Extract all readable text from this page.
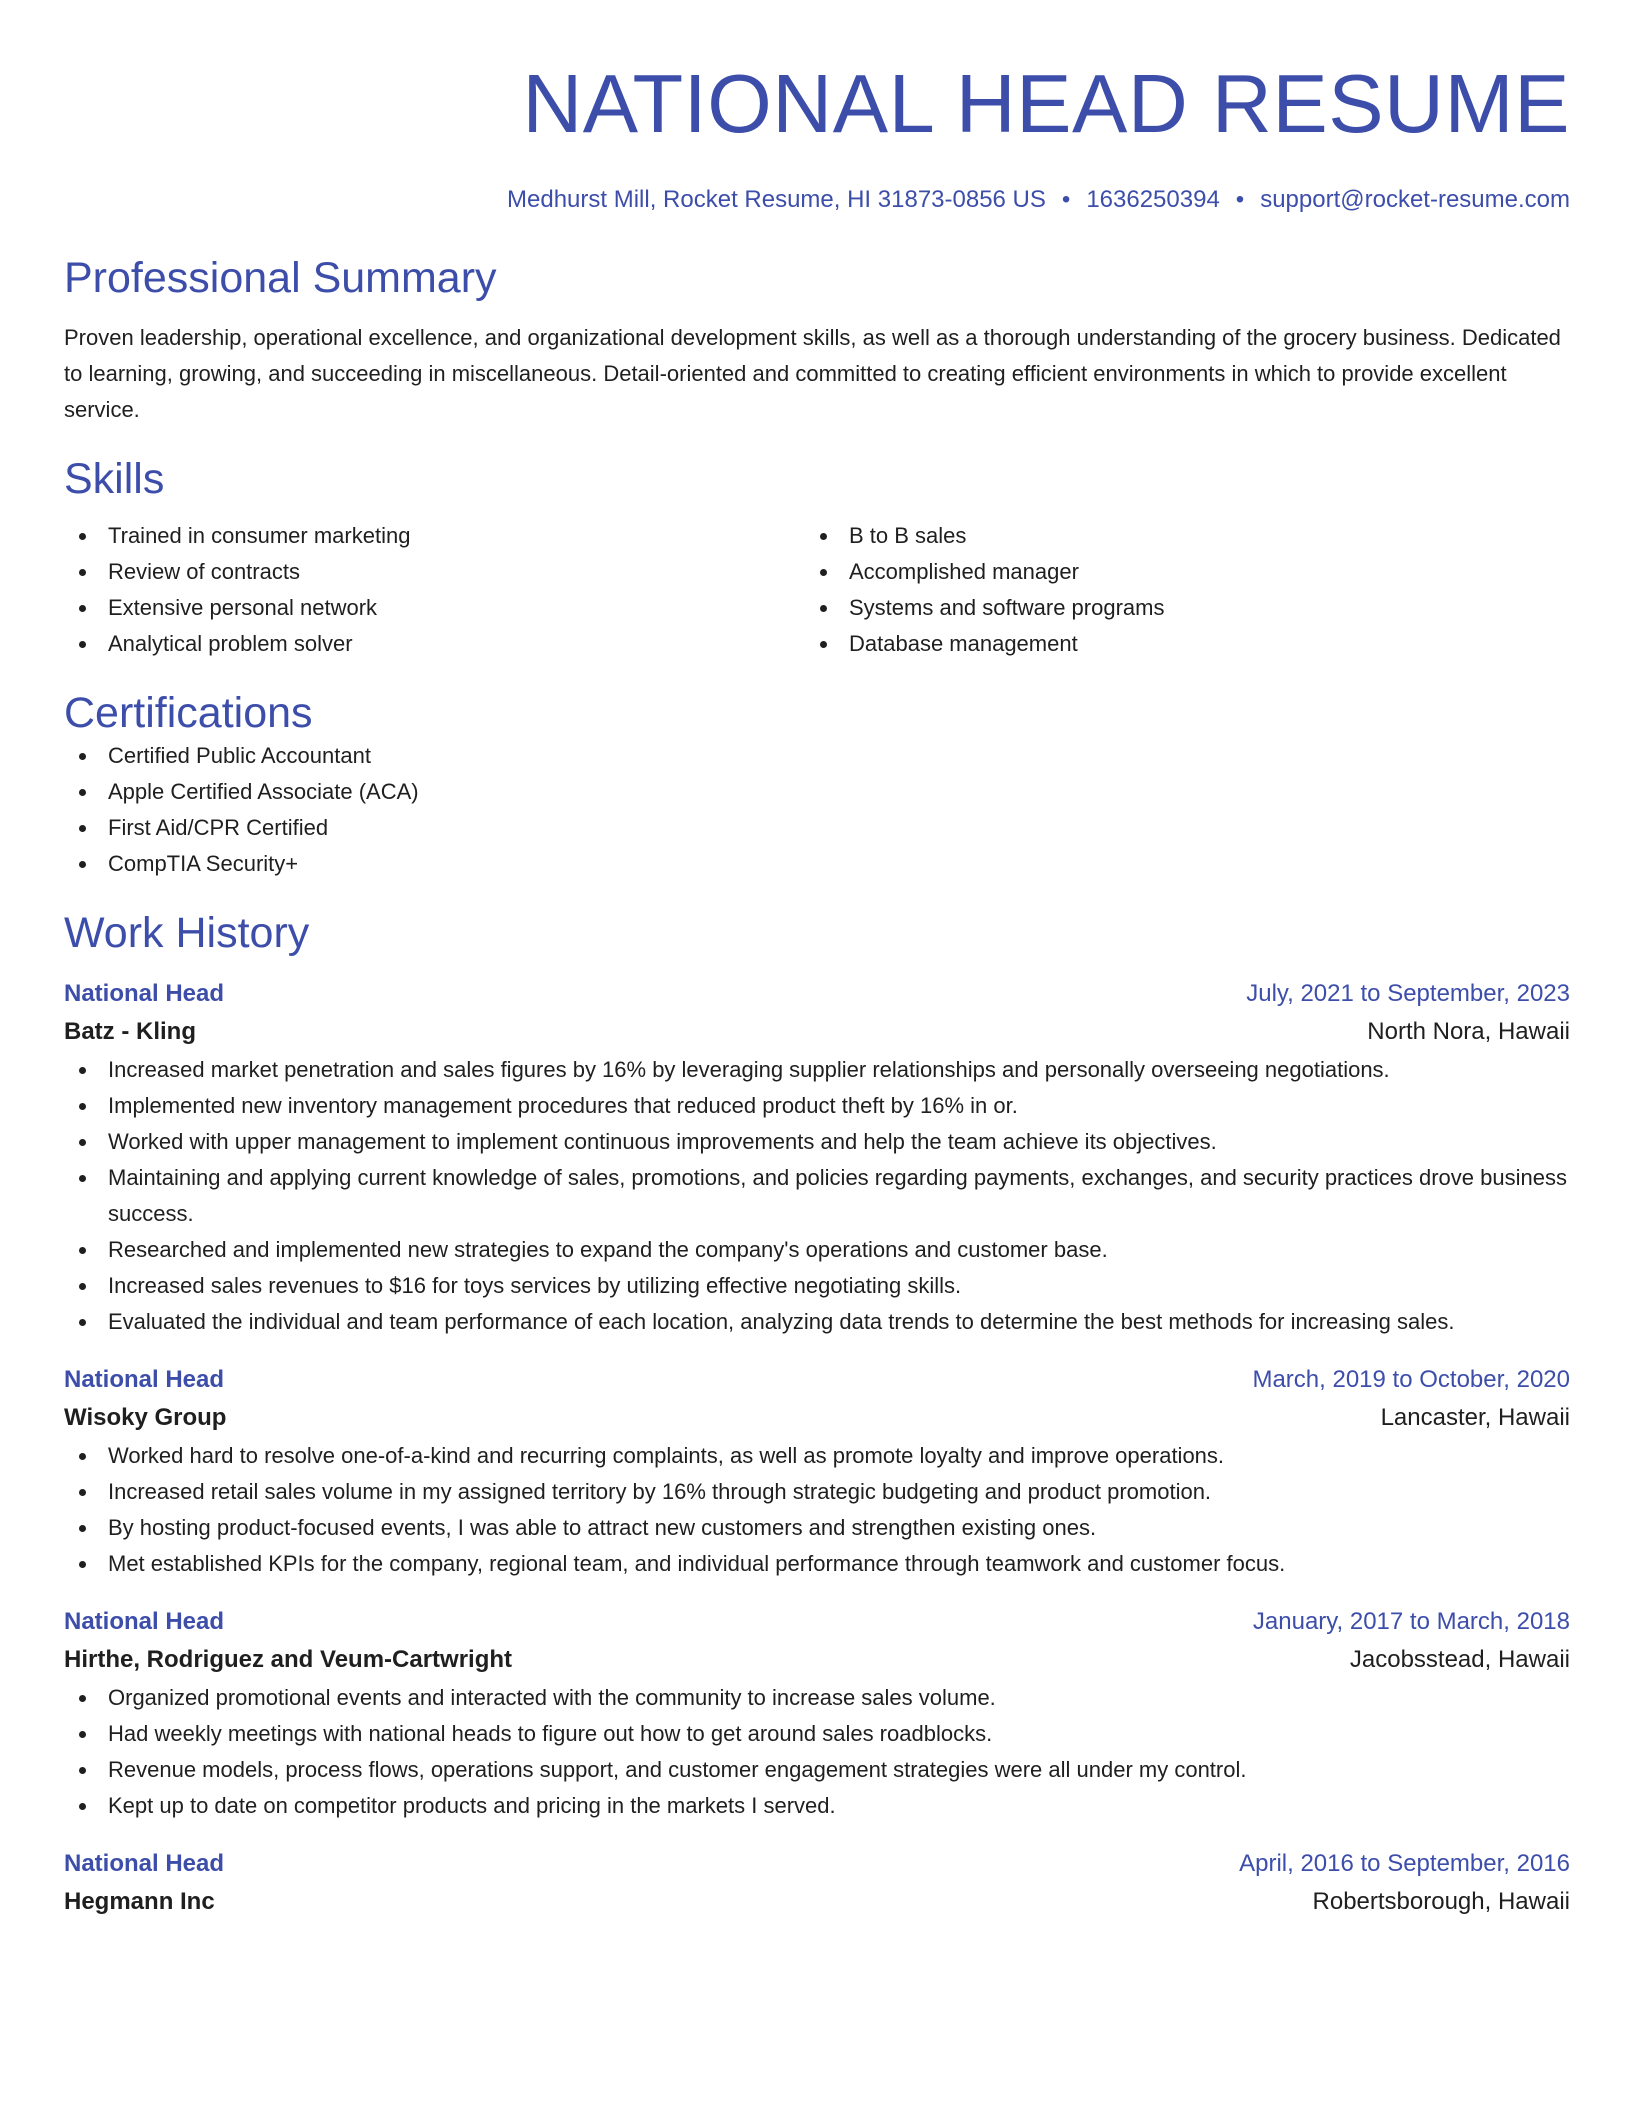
NATIONAL HEAD RESUME
Medhurst Mill, Rocket Resume, HI 31873-0856 US • 1636250394 • support@rocket-resume.com
Professional Summary
Proven leadership, operational excellence, and organizational development skills, as well as a thorough understanding of the grocery business. Dedicated to learning, growing, and succeeding in miscellaneous. Detail-oriented and committed to creating efficient environments in which to provide excellent service.
Skills
Trained in consumer marketing
Review of contracts
Extensive personal network
Analytical problem solver
B to B sales
Accomplished manager
Systems and software programs
Database management
Certifications
Certified Public Accountant
Apple Certified Associate (ACA)
First Aid/CPR Certified
CompTIA Security+
Work History
National Head	July, 2021 to September, 2023
Batz - Kling	North Nora, Hawaii
Increased market penetration and sales figures by 16% by leveraging supplier relationships and personally overseeing negotiations.
Implemented new inventory management procedures that reduced product theft by 16% in or.
Worked with upper management to implement continuous improvements and help the team achieve its objectives.
Maintaining and applying current knowledge of sales, promotions, and policies regarding payments, exchanges, and security practices drove business success.
Researched and implemented new strategies to expand the company's operations and customer base.
Increased sales revenues to $16 for toys services by utilizing effective negotiating skills.
Evaluated the individual and team performance of each location, analyzing data trends to determine the best methods for increasing sales.
National Head	March, 2019 to October, 2020
Wisoky Group	Lancaster, Hawaii
Worked hard to resolve one-of-a-kind and recurring complaints, as well as promote loyalty and improve operations.
Increased retail sales volume in my assigned territory by 16% through strategic budgeting and product promotion.
By hosting product-focused events, I was able to attract new customers and strengthen existing ones.
Met established KPIs for the company, regional team, and individual performance through teamwork and customer focus.
National Head	January, 2017 to March, 2018
Hirthe, Rodriguez and Veum-Cartwright	Jacobsstead, Hawaii
Organized promotional events and interacted with the community to increase sales volume.
Had weekly meetings with national heads to figure out how to get around sales roadblocks.
Revenue models, process flows, operations support, and customer engagement strategies were all under my control.
Kept up to date on competitor products and pricing in the markets I served.
National Head	April, 2016 to September, 2016
Hegmann Inc	Robertsborough, Hawaii
